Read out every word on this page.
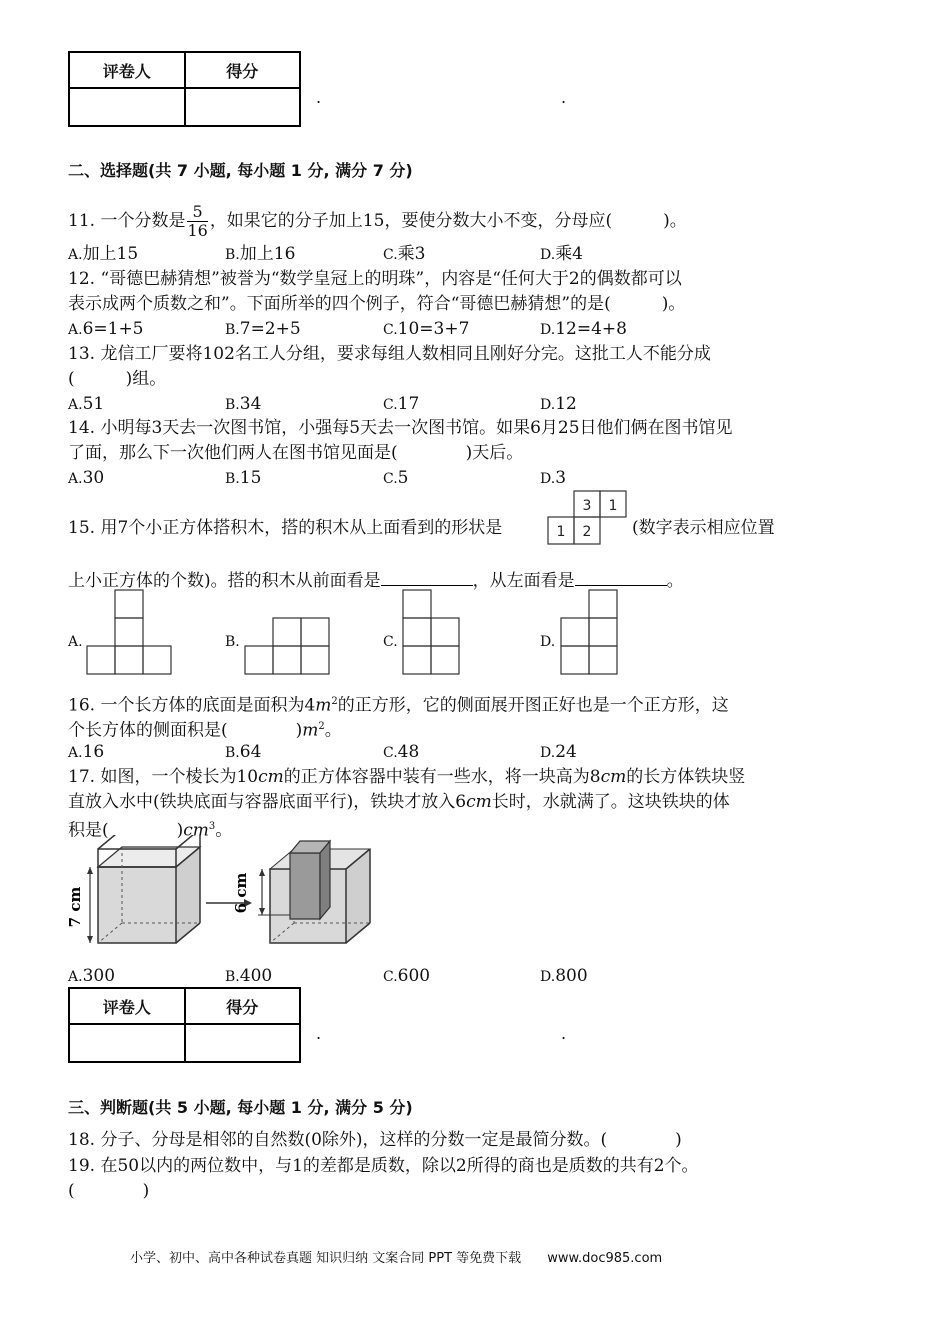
评卷人	得分

.	.
二、选择题(共 7 小题, 每小题 1 分, 满分 7 分)
11. 一个分数是 $\frac{5}{16}$ ，如果它的分子加上15，要使分数大小不变，分母应(　　　)。
A.加上15	B.加上16	C.乘3	D.乘4
12. “哥德巴赫猜想”被誉为“数学皇冠上的明珠”，内容是“任何大于2的偶数都可以
表示成两个质数之和”。下面所举的四个例子，符合“哥德巴赫猜想”的是(　　　)。
A.6=1+5	B.7=2+5	C.10=3+7	D.12=4+8
13. 龙信工厂要将102名工人分组，要求每组人数相同且刚好分完。这批工人不能分成
(　　　)组。
A.51	B.34	C.17	D.12
14. 小明每3天去一次图书馆，小强每5天去一次图书馆。如果6月25日他们俩在图书馆见
了面，那么下一次他们两人在图书馆见面是(　　　　)天后。
A.30	B.15	C.5	D.3
15. 用7个小正方体搭积木，搭的积木从上面看到的形状是
3 1
1 2 (数字表示相应位置
上小正方体的个数)。搭的积木从前面看是	，从左面看是	。
A.	B.	C.	D.
16. 一个长方体的底面是面积为$4m^2$的正方形，它的侧面展开图正好也是一个正方形，这
个长方体的侧面积是(　　　　)$m^2$。
A.16	B.64	C.48	D.24
17. 如图，一个棱长为10cm的正方体容器中装有一些水，将一块高为8cm的长方体铁块竖
直放入水中(铁块底面与容器底面平行)，铁块才放入6cm长时，水就满了。这块铁块的体
积是(　　　　)$cm^3$。
7 cm	6 cm
A.300	B.400	C.600	D.800
评卷人	得分

.	.
三、判断题(共 5 小题, 每小题 1 分, 满分 5 分)
18. 分子、分母是相邻的自然数(0除外)，这样的分数一定是最简分数。(　　　　)
19. 在50以内的两位数中，与1的差都是质数，除以2所得的商也是质数的共有2个。
(　　　　)
小学、初中、高中各种试卷真题 知识归纳 文案合同 PPT 等免费下载 www.doc985.com
